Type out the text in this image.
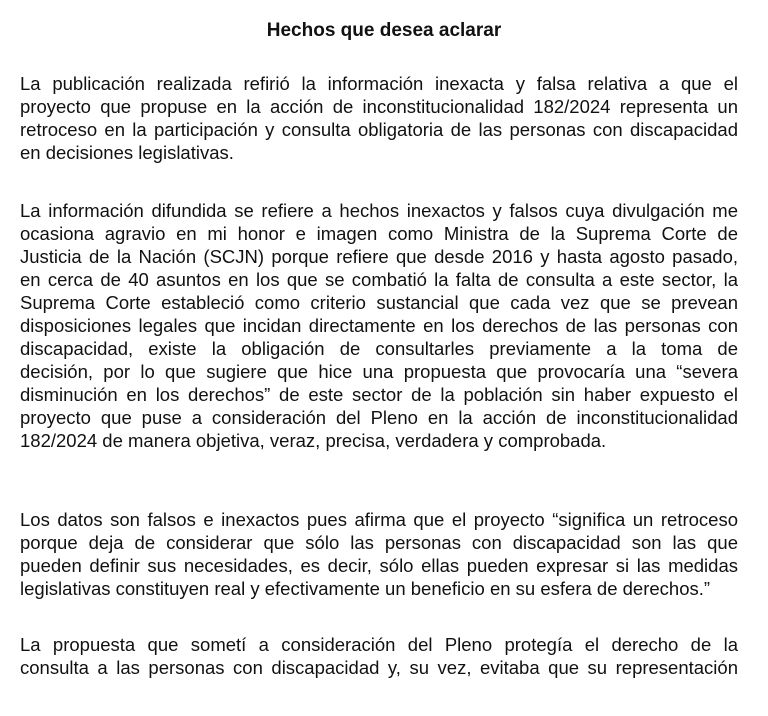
Hechos que desea aclarar
La publicación realizada refirió la información inexacta y falsa relativa a que el
proyecto que propuse en la acción de inconstitucionalidad 182/2024 representa un
retroceso en la participación y consulta obligatoria de las personas con discapacidad
en decisiones legislativas.
La información difundida se refiere a hechos inexactos y falsos cuya divulgación me
ocasiona agravio en mi honor e imagen como Ministra de la Suprema Corte de
Justicia de la Nación (SCJN) porque refiere que desde 2016 y hasta agosto pasado,
en cerca de 40 asuntos en los que se combatió la falta de consulta a este sector, la
Suprema Corte estableció como criterio sustancial que cada vez que se prevean
disposiciones legales que incidan directamente en los derechos de las personas con
discapacidad, existe la obligación de consultarles previamente a la toma de
decisión, por lo que sugiere que hice una propuesta que provocaría una “severa
disminución en los derechos” de este sector de la población sin haber expuesto el
proyecto que puse a consideración del Pleno en la acción de inconstitucionalidad
182/2024 de manera objetiva, veraz, precisa, verdadera y comprobada.
Los datos son falsos e inexactos pues afirma que el proyecto “significa un retroceso
porque deja de considerar que sólo las personas con discapacidad son las que
pueden definir sus necesidades, es decir, sólo ellas pueden expresar si las medidas
legislativas constituyen real y efectivamente un beneficio en su esfera de derechos.”
La propuesta que sometí a consideración del Pleno protegía el derecho de la
consulta a las personas con discapacidad y, su vez, evitaba que su representación
